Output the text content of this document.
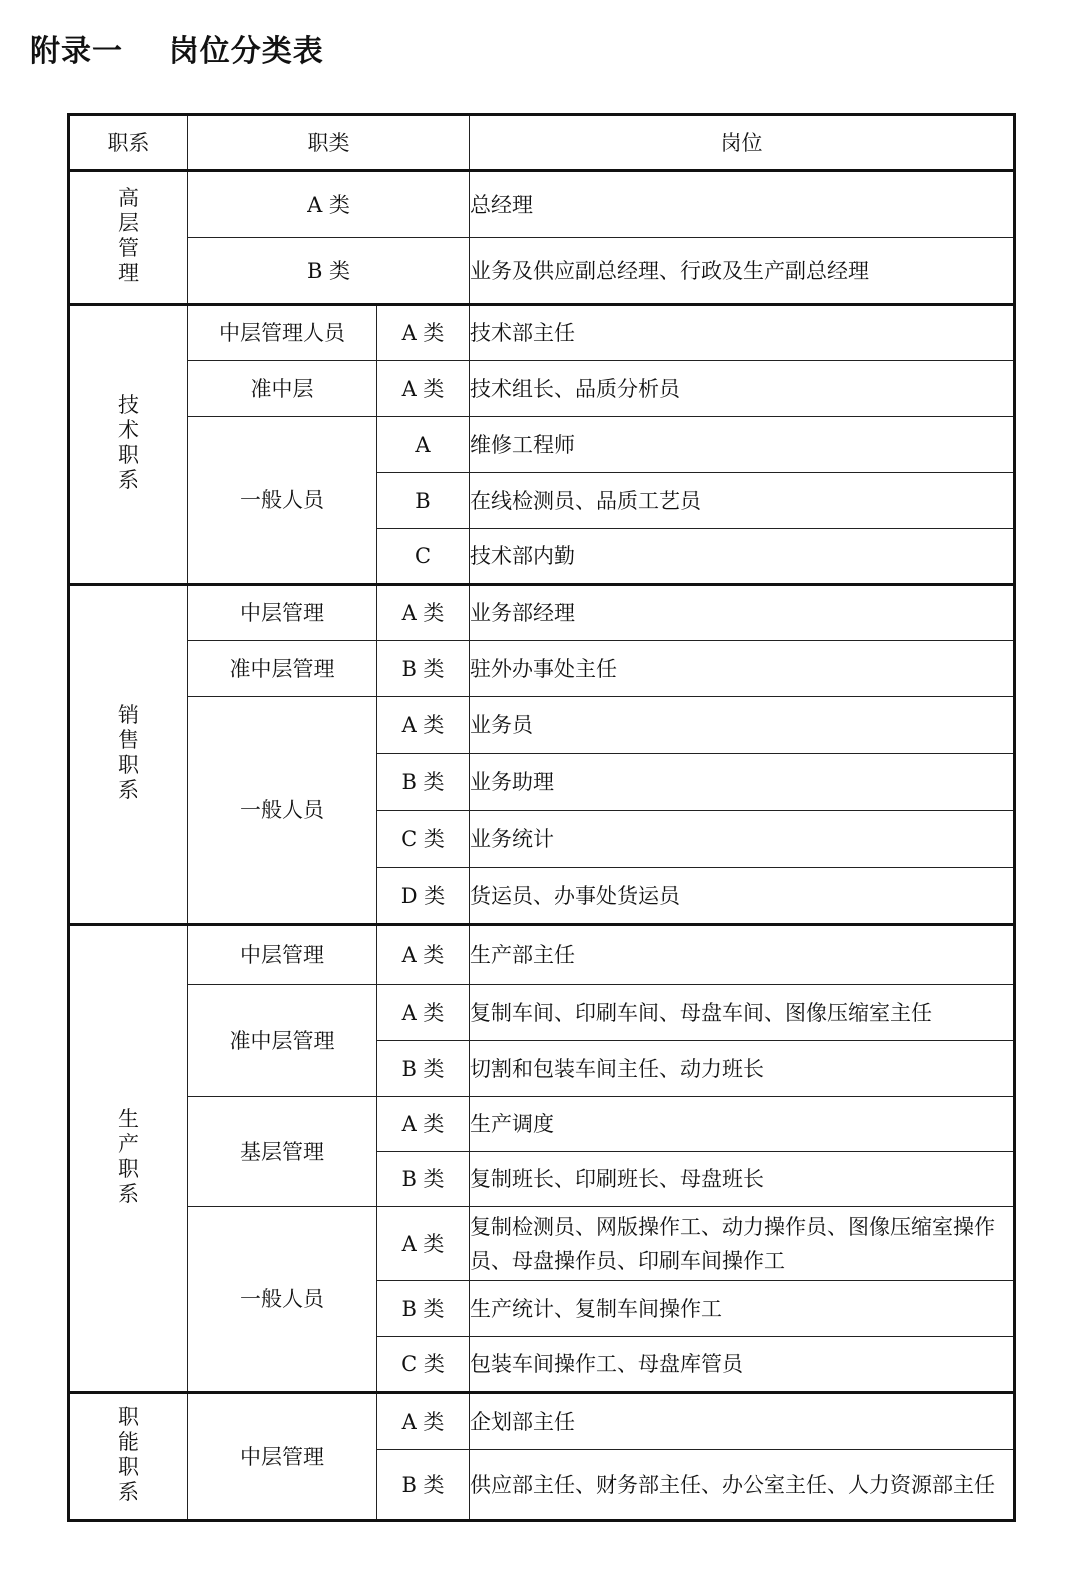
附录一    岗位分类表
职系	职类		岗位
高层管理	A 类		总经理
	B 类		业务及供应副总经理、行政及生产副总经理
技术职系	中层管理人员	A 类	技术部主任
	准中层	A 类	技术组长、品质分析员
	一般人员	A	维修工程师
		B	在线检测员、品质工艺员
		C	技术部内勤
销售职系	中层管理	A 类	业务部经理
	准中层管理	B 类	驻外办事处主任
	一般人员	A 类	业务员
		B 类	业务助理
		C 类	业务统计
		D 类	货运员、办事处货运员
生产职系	中层管理	A 类	生产部主任
	准中层管理	A 类	复制车间、印刷车间、母盘车间、图像压缩室主任
		B 类	切割和包装车间主任、动力班长
	基层管理	A 类	生产调度
		B 类	复制班长、印刷班长、母盘班长
	一般人员	A 类	复制检测员、网版操作工、动力操作员、图像压缩室操作员、母盘操作员、印刷车间操作工
		B 类	生产统计、复制车间操作工
		C 类	包装车间操作工、母盘库管员
职能职系	中层管理	A 类	企划部主任
		B 类	供应部主任、财务部主任、办公室主任、人力资源部主任
